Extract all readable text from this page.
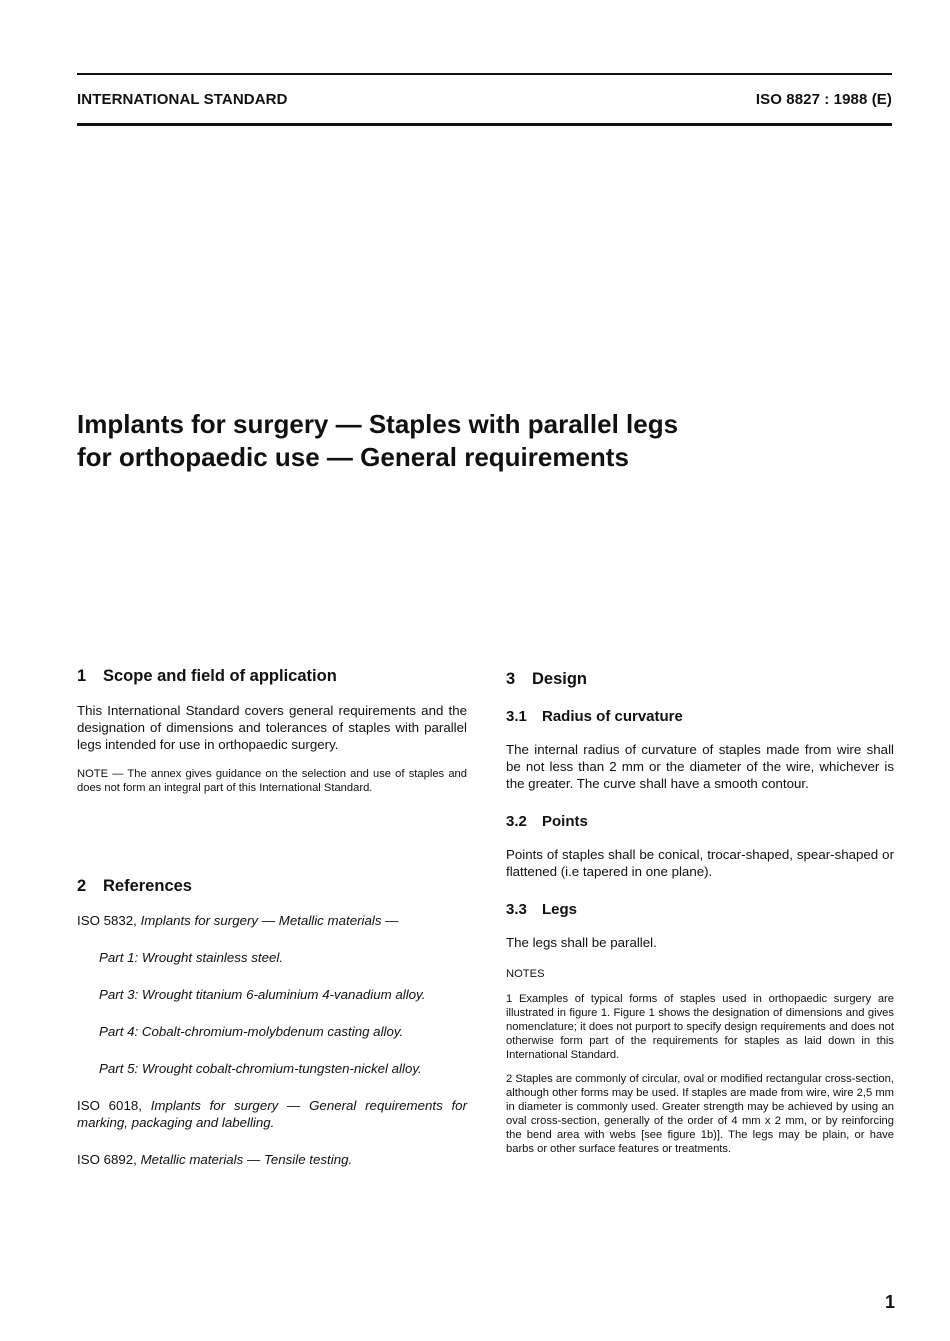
INTERNATIONAL STANDARD	ISO 8827 : 1988 (E)
Implants for surgery — Staples with parallel legs
for orthopaedic use — General requirements
1 Scope and field of application

This International Standard covers general requirements and the designation of dimensions and tolerances of staples with parallel legs intended for use in orthopaedic surgery.

NOTE — The annex gives guidance on the selection and use of staples and does not form an integral part of this International Standard.

2 References

ISO 5832, Implants for surgery — Metallic materials —

Part 1: Wrought stainless steel.

Part 3: Wrought titanium 6-aluminium 4-vanadium alloy.

Part 4: Cobalt-chromium-molybdenum casting alloy.

Part 5: Wrought cobalt-chromium-tungsten-nickel alloy.

ISO 6018, Implants for surgery — General requirements for marking, packaging and labelling.

ISO 6892, Metallic materials — Tensile testing.

3 Design
3.1 Radius of curvature

The internal radius of curvature of staples made from wire shall be not less than 2 mm or the diameter of the wire, whichever is the greater. The curve shall have a smooth contour.

3.2 Points

Points of staples shall be conical, trocar-shaped, spear-shaped or flattened (i.e tapered in one plane).

3.3 Legs

The legs shall be parallel.

NOTES

1 Examples of typical forms of staples used in orthopaedic surgery are illustrated in figure 1. Figure 1 shows the designation of dimensions and gives nomenclature; it does not purport to specify design requirements and does not otherwise form part of the requirements for staples as laid down in this International Standard.

2 Staples are commonly of circular, oval or modified rectangular cross-section, although other forms may be used. If staples are made from wire, wire 2,5 mm in diameter is commonly used. Greater strength may be achieved by using an oval cross-section, generally of the order of 4 mm x 2 mm, or by reinforcing the bend area with webs [see figure 1b)]. The legs may be plain, or have barbs or other surface features or treatments.

1
